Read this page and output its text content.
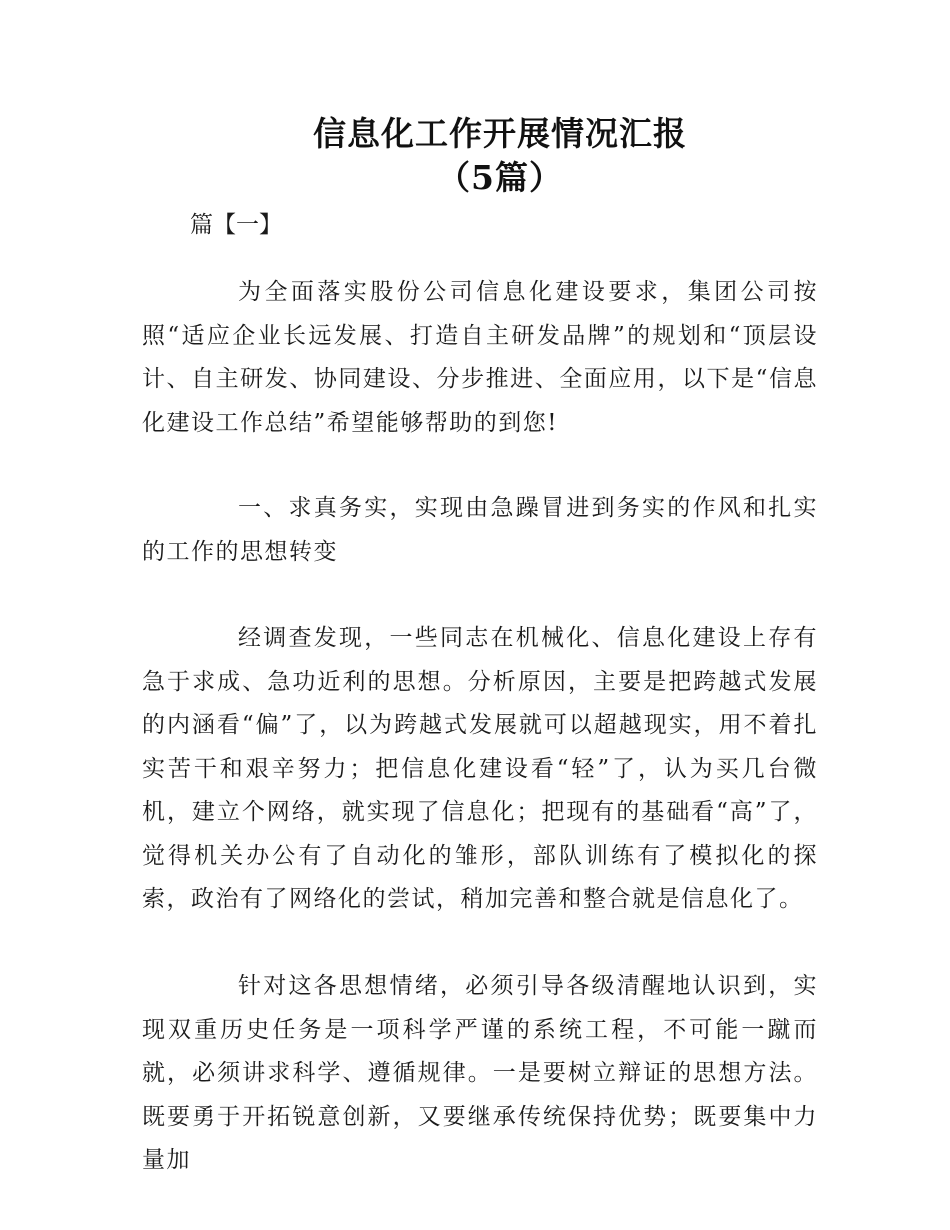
信息化工作开展情况汇报
（5篇）
篇【一】

为全面落实股份公司信息化建设要求，集团公司按照“适应企业长远发展、打造自主研发品牌”的规划和“顶层设计、自主研发、协同建设、分步推进、全面应用，以下是“信息化建设工作总结”希望能够帮助的到您!

一、求真务实，实现由急躁冒进到务实的作风和扎实的工作的思想转变

经调查发现，一些同志在机械化、信息化建设上存有急于求成、急功近利的思想。分析原因，主要是把跨越式发展的内涵看“偏”了，以为跨越式发展就可以超越现实，用不着扎实苦干和艰辛努力；把信息化建设看“轻”了，认为买几台微机，建立个网络，就实现了信息化；把现有的基础看“高”了，觉得机关办公有了自动化的雏形，部队训练有了模拟化的探索，政治有了网络化的尝试，稍加完善和整合就是信息化了。

针对这各思想情绪，必须引导各级清醒地认识到，实现双重历史任务是一项科学严谨的系统工程，不可能一蹴而就，必须讲求科学、遵循规律。一是要树立辩证的思想方法。既要勇于开拓锐意创新，又要继承传统保持优势；既要集中力量加
